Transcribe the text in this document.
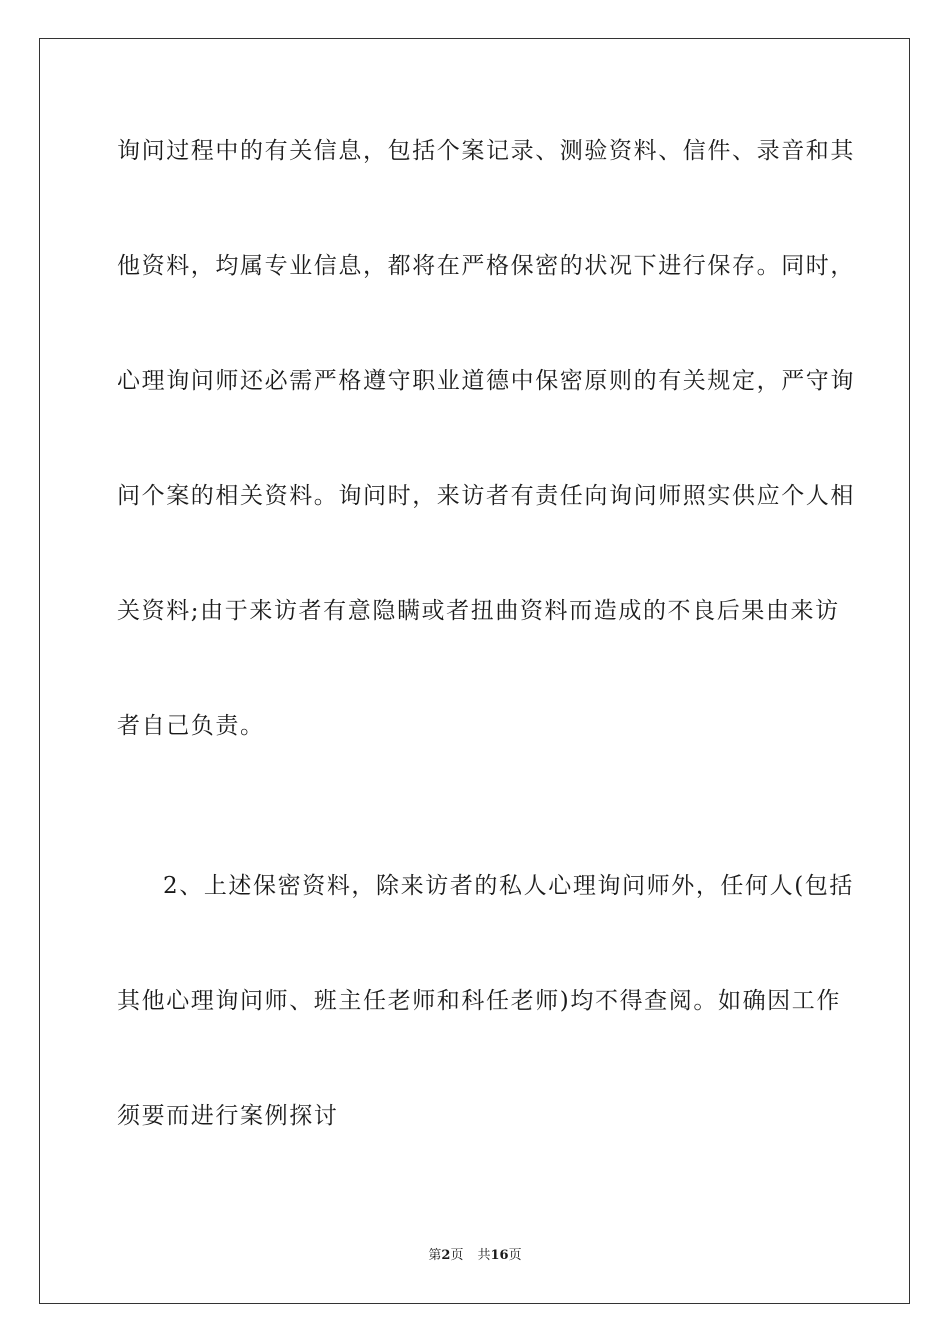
询问过程中的有关信息，包括个案记录、测验资料、信件、录音和其
他资料，均属专业信息，都将在严格保密的状况下进行保存。同时，
心理询问师还必需严格遵守职业道德中保密原则的有关规定，严守询
问个案的相关资料。询问时，来访者有责任向询问师照实供应个人相
关资料;由于来访者有意隐瞒或者扭曲资料而造成的不良后果由来访
者自己负责。
2、上述保密资料，除来访者的私人心理询问师外，任何人(包括
其他心理询问师、班主任老师和科任老师)均不得查阅。如确因工作
须要而进行案例探讨
第2页 共16页
